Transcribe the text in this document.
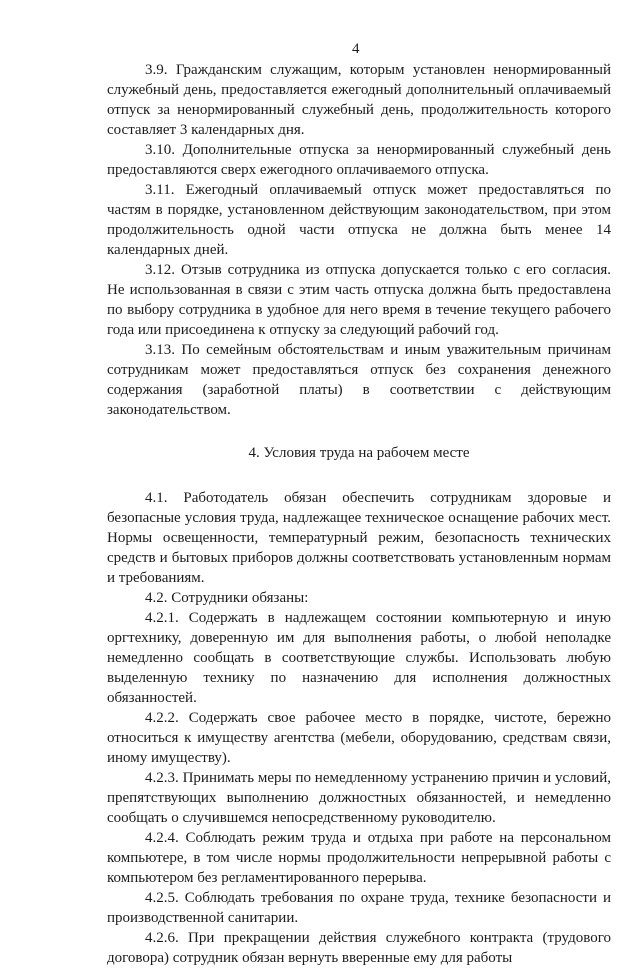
4

3.9. Гражданским служащим, которым установлен ненормированный служебный день, предоставляется ежегодный дополнительный оплачиваемый отпуск за ненормированный служебный день, продолжительность которого составляет 3 календарных дня.

3.10. Дополнительные отпуска за ненормированный служебный день предоставляются сверх ежегодного оплачиваемого отпуска.

3.11. Ежегодный оплачиваемый отпуск может предоставляться по частям в порядке, установленном действующим законодательством, при этом продолжительность одной части отпуска не должна быть менее 14 календарных дней.

3.12. Отзыв сотрудника из отпуска допускается только с его согласия. Не использованная в связи с этим часть отпуска должна быть предоставлена по выбору сотрудника в удобное для него время в течение текущего рабочего года или присоединена к отпуску за следующий рабочий год.

3.13. По семейным обстоятельствам и иным уважительным причинам сотрудникам может предоставляться отпуск без сохранения денежного содержания (заработной платы) в соответствии с действующим законодательством.

4. Условия труда на рабочем месте

4.1. Работодатель обязан обеспечить сотрудникам здоровые и безопасные условия труда, надлежащее техническое оснащение рабочих мест. Нормы освещенности, температурный режим, безопасность технических средств и бытовых приборов должны соответствовать установленным нормам и требованиям.

4.2. Сотрудники обязаны:

4.2.1. Содержать в надлежащем состоянии компьютерную и иную оргтехнику, доверенную им для выполнения работы, о любой неполадке немедленно сообщать в соответствующие службы. Использовать любую выделенную технику по назначению для исполнения должностных обязанностей.

4.2.2. Содержать свое рабочее место в порядке, чистоте, бережно относиться к имуществу агентства (мебели, оборудованию, средствам связи, иному имуществу).

4.2.3. Принимать меры по немедленному устранению причин и условий, препятствующих выполнению должностных обязанностей, и немедленно сообщать о случившемся непосредственному руководителю.

4.2.4. Соблюдать режим труда и отдыха при работе на персональном компьютере, в том числе нормы продолжительности непрерывной работы с компьютером без регламентированного перерыва.

4.2.5. Соблюдать требования по охране труда, технике безопасности и производственной санитарии.

4.2.6. При прекращении действия служебного контракта (трудового договора) сотрудник обязан вернуть вверенные ему для работы
